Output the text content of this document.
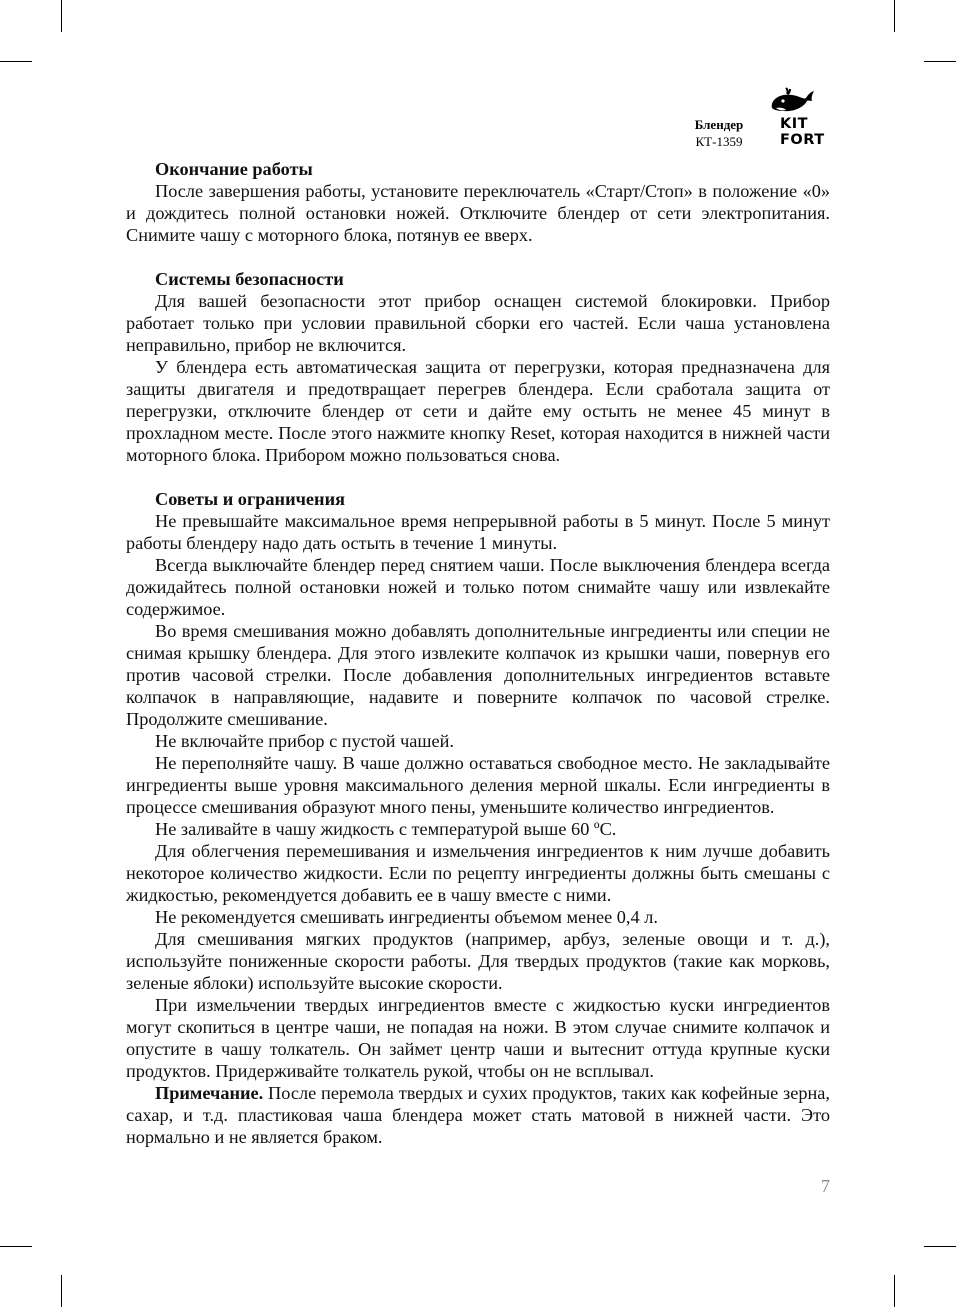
Блендер
КТ-1359
KIT
FORT
Окончание работы

После завершения работы, установите переключатель «Старт/Стоп» в положение «0» и дождитесь полной остановки ножей. Отключите блендер от сети электропитания. Снимите чашу с моторного блока, потянув ее вверх.

Системы безопасности

Для вашей безопасности этот прибор оснащен системой блокировки. Прибор работает только при условии правильной сборки его частей. Если чаша установлена неправильно, прибор не включится.

У блендера есть автоматическая защита от перегрузки, которая предназначена для защиты двигателя и предотвращает перегрев блендера. Если сработала защита от перегрузки, отключите блендер от сети и дайте ему остыть не менее 45 минут в прохладном месте. После этого нажмите кнопку Reset, которая находится в нижней части моторного блока. Прибором можно пользоваться снова.

Советы и ограничения

Не превышайте максимальное время непрерывной работы в 5 минут. После 5 минут работы блендеру надо дать остыть в течение 1 минуты.

Всегда выключайте блендер перед снятием чаши. После выключения блендера всегда дожидайтесь полной остановки ножей и только потом снимайте чашу или извлекайте содержимое.

Во время смешивания можно добавлять дополнительные ингредиенты или специи не снимая крышку блендера. Для этого извлеките колпачок из крышки чаши, повернув его против часовой стрелки. После добавления дополнительных ингредиентов вставьте колпачок в направляющие, надавите и поверните колпачок по часовой стрелке. Продолжите смешивание.

Не включайте прибор с пустой чашей.

Не переполняйте чашу. В чаше должно оставаться свободное место. Не закладывайте ингредиенты выше уровня максимального деления мерной шкалы. Если ингредиенты в процессе смешивания образуют много пены, уменьшите количество ингредиентов.

Не заливайте в чашу жидкость с температурой выше 60 ºС.

Для облегчения перемешивания и измельчения ингредиентов к ним лучше добавить некоторое количество жидкости. Если по рецепту ингредиенты должны быть смешаны с жидкостью, рекомендуется добавить ее в чашу вместе с ними.

Не рекомендуется смешивать ингредиенты объемом менее 0,4 л.

Для смешивания мягких продуктов (например, арбуз, зеленые овощи и т. д.), используйте пониженные скорости работы. Для твердых продуктов (такие как морковь, зеленые яблоки) используйте высокие скорости.

При измельчении твердых ингредиентов вместе с жидкостью куски ингредиентов могут скопиться в центре чаши, не попадая на ножи. В этом случае снимите колпачок и опустите в чашу толкатель. Он займет центр чаши и вытеснит оттуда крупные куски продуктов. Придерживайте толкатель рукой, чтобы он не всплывал.

Примечание. После перемола твердых и сухих продуктов, таких как кофейные зерна, сахар, и т.д. пластиковая чаша блендера может стать матовой в нижней части. Это нормально и не является браком.

7
